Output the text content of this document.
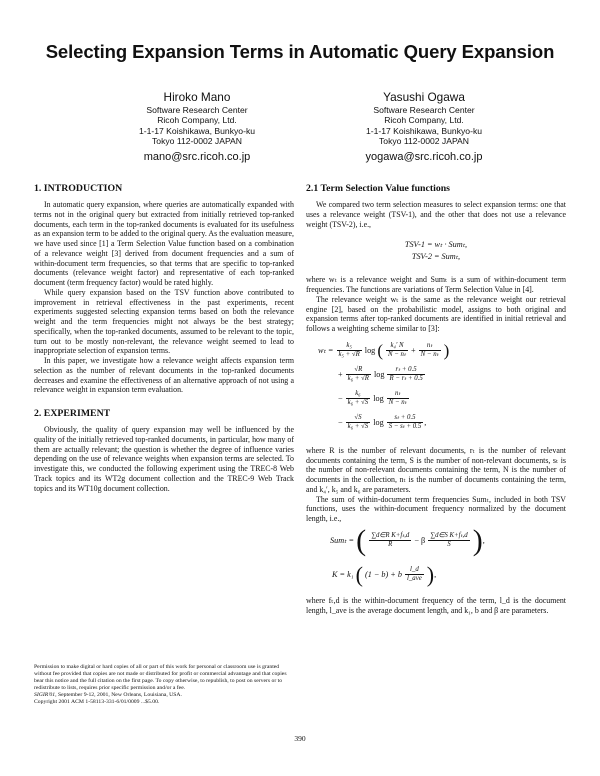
Selecting Expansion Terms in Automatic Query Expansion
Hiroko Mano
Software Research Center
Ricoh Company, Ltd.
1-1-17 Koishikawa, Bunkyo-ku
Tokyo 112-0002 JAPAN
mano@src.ricoh.co.jp
Yasushi Ogawa
Software Research Center
Ricoh Company, Ltd.
1-1-17 Koishikawa, Bunkyo-ku
Tokyo 112-0002 JAPAN
yogawa@src.ricoh.co.jp
1. INTRODUCTION

In automatic query expansion, where queries are automatically expanded with terms not in the original query but extracted from initially retrieved top-ranked documents, each term in the top-ranked documents is evaluated for its usefulness as an expansion term to be added to the original query. As the evaluation measure, we have used since [1] a Term Selection Value function based on a combination of a relevance weight [3] derived from document frequencies and a sum of within-document term frequencies, so that terms that are specific to top-ranked documents (relevance weight factor) and representative of each top-ranked document (term frequency factor) would be rated highly.

While query expansion based on the TSV function above contributed to improvement in retrieval effectiveness in the past experiments, recent experiments suggested selecting expansion terms based on both the relevance weight and the term frequencies might not always be the best strategy; specifically, when the top-ranked documents, assumed to be relevant to the topic, turn out to be mostly non-relevant, the relevance weight seemed to lead to inappropriate selection of expansion terms.

In this paper, we investigate how a relevance weight affects expansion term selection as the number of relevant documents in the top-ranked documents decreases and examine the effectiveness of an alternative approach of not using a relevance weight in expansion term evaluation.

2. EXPERIMENT

Obviously, the quality of query expansion may well be influenced by the quality of the initially retrieved top-ranked documents, in particular, how many of them are actually relevant; the question is whether the degree of influence varies depending on the use of relevance weights when expansion terms are selected. To investigate this, we conducted the following experiment using the TREC-8 Web Track topics and its WT2g document collection and the TREC-9 Web Track topics and its WT10g document collection.

Permission to make digital or hard copies of all or part of this work for personal or classroom use is granted without fee provided that copies are not made or distributed for profit or commercial advantage and that copies bear this notice and the full citation on the first page. To copy otherwise, to republish, to post on servers or to redistribute to lists, requires prior specific permission and/or a fee.
SIGIR'01, September 9-12, 2001, New Orleans, Louisiana, USA.
Copyright 2001 ACM 1-58113-331-6/01/0009 ...$5.00.
2.1 Term Selection Value functions

We compared two term selection measures to select expansion terms: one that uses a relevance weight (TSV-1), and the other that does not use a relevance weight (TSV-2), i.e.,

TSV-1 = wₜ · Sumₜ,
TSV-2 = Sumₜ,

where wₜ is a relevance weight and Sumₜ is a sum of within-document term frequencies. The functions are variations of Term Selection Value in [4].

The relevance weight wₜ is the same as the relevance weight our retrieval engine [2], based on the probabilistic model, assigns to both original and expansion terms after top-ranked documents are identified in initial retrieval and follows a weighting scheme similar to [3]:

$w_t = \frac{\text{k₅}}{\text{k₅ + √R}}$ log ( $\frac{\text{k₄′ N}}{\text{N − nₜ}} + \frac{\text{nₜ}}{\text{N − nₜ}}$ )
+ $\frac{√R}{\text{k₆ + √R}}$ $\log \frac{\text{rₜ + 0.5}}{\text{R − rₜ + 0.5}}$
− $\frac{\text{k₆}}{\text{k₆ + √S}}$ $\log \frac{\text{nₜ}}{\text{N − nₜ}}$
− $\frac{√S}{\text{k₆ + √S}}$ $\log \frac{\text{sₜ + 0.5}}{\text{S − sₜ + 0.5}}$ ,

where R is the number of relevant documents, rₜ is the number of relevant documents containing the term, S is the number of non-relevant documents, sₜ is the number of non-relevant documents containing the term, N is the number of documents in the collection, nₜ is the number of documents containing the term, and k₄′, k₅ and k₆ are parameters.

The sum of within-document term frequencies Sumₜ, included in both TSV functions, uses the within-document frequency normalized by the document length, i.e.,

Sumₜ = ( $\frac{\text{∑d∈R K+fₜ,d}}{R} - \beta \frac{\text{∑d∈S K+fₜ,d}}{S}$ ),
K = k₁ ( (1 − b) + b $\frac{l\_d}{\text{l\_ave}}$ ),

where fₜ,d is the within-document frequency of the term, l_d is the document length, l_ave is the average document length, and k₁, b and β are parameters.

390
